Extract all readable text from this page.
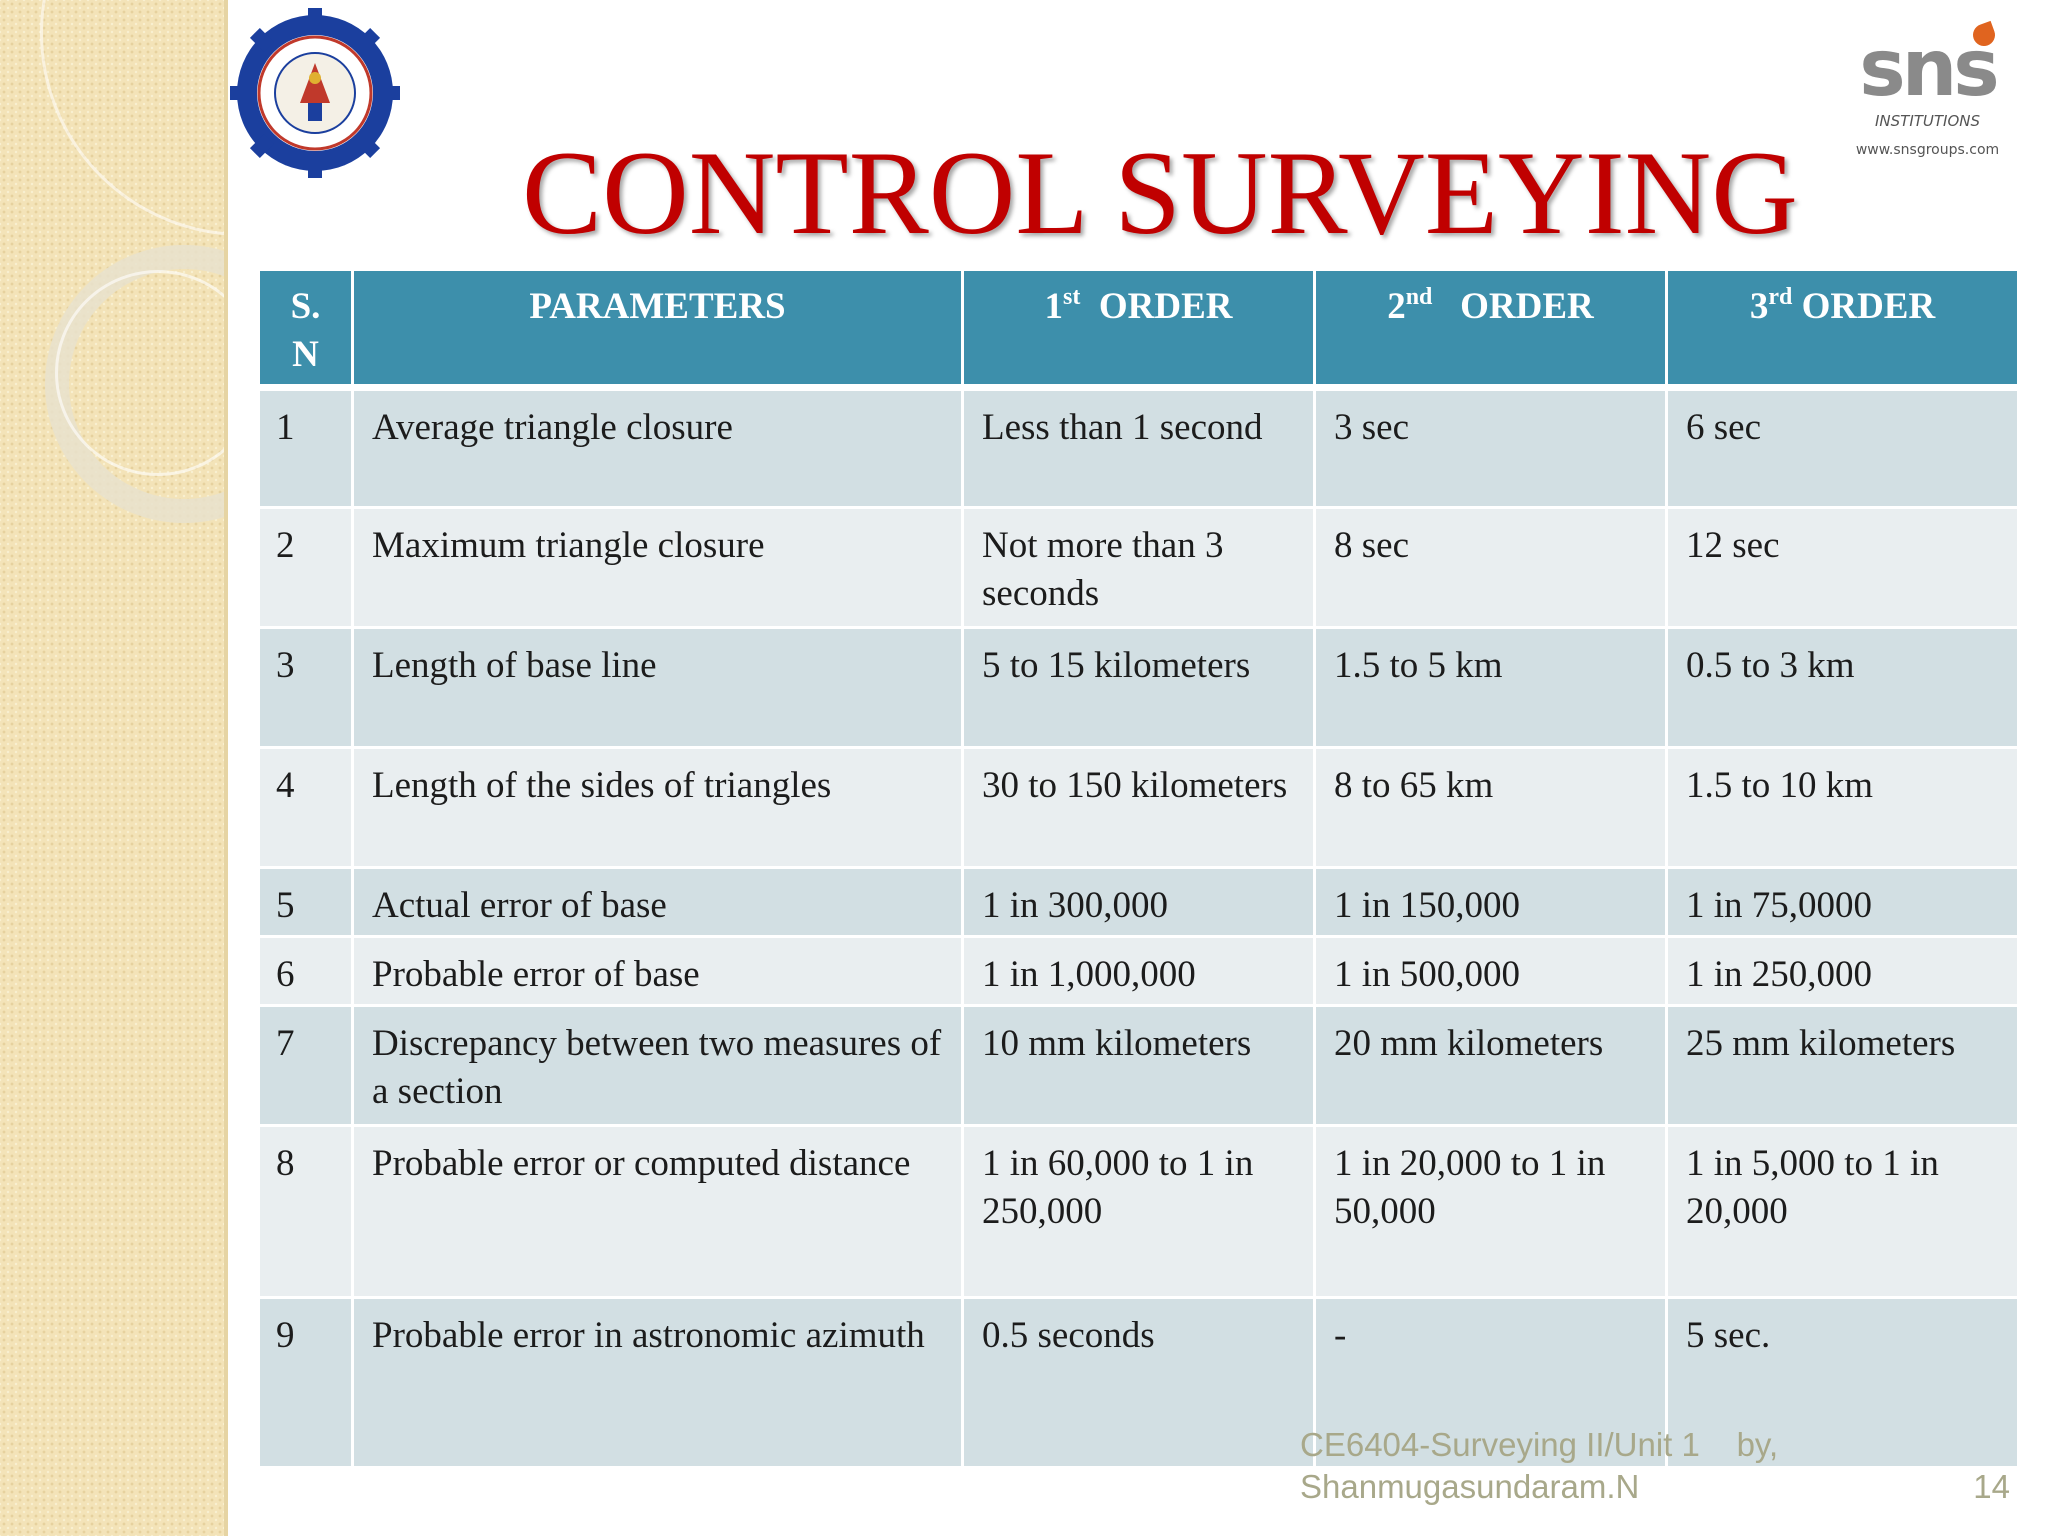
sns
INSTITUTIONS
www.snsgroups.com
CONTROL SURVEYING
S. N	PARAMETERS	1st ORDER	2nd ORDER	3rd ORDER
1	Average triangle closure	Less than 1 second	3 sec	6 sec
2	Maximum triangle closure	Not more than 3 seconds	8 sec	12 sec
3	Length of base line	5 to 15 kilometers	1.5 to 5 km	0.5 to 3 km
4	Length of the sides of triangles	30 to 150 kilometers	8 to 65 km	1.5 to 10 km
5	Actual error of base	1 in 300,000	1 in 150,000	1 in 75,0000
6	Probable error of base	1 in 1,000,000	1 in 500,000	1 in 250,000
7	Discrepancy between two measures of a section	10 mm kilometers	20 mm kilometers	25 mm kilometers
8	Probable error or computed distance	1 in 60,000 to 1 in 250,000	1 in 20,000 to 1 in 50,000	1 in 5,000 to 1 in 20,000
9	Probable error in astronomic azimuth	0.5 seconds	-	5 sec.
CE6404-Surveying II/Unit 1 by,
Shanmugasundaram.N	14
